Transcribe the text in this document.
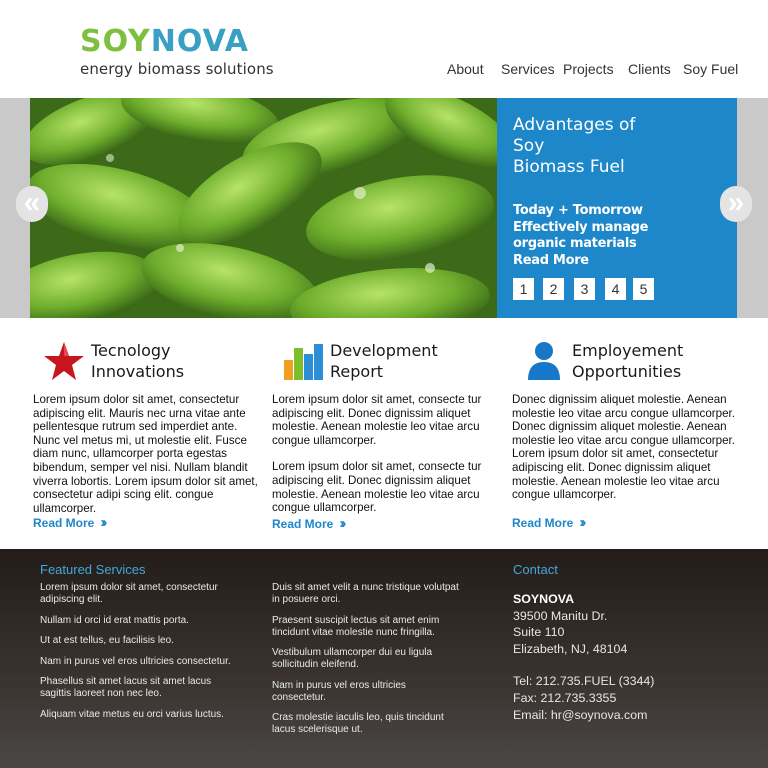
SOYNOVA
energy biomass solutions	About Services Projects Clients Soy Fuel
Advantages of
Soy
Biomass Fuel
Today + Tomorrow
Effectively manage
organic materials
Read More
1	2	3	4	5
«	»
Tecnology
Innovations

Lorem ipsum dolor sit amet, consectetur adipiscing elit. Mauris nec urna vitae ante pellentesque rutrum sed imperdiet ante. Nunc vel metus mi, ut molestie elit. Fusce diam nunc, ullamcorper porta egestas bibendum, semper vel nisi. Nullam blandit viverra lobortis. Lorem ipsum dolor sit amet, consectetur adipi scing elit. congue ullamcorper.

Read More ››
Development
Report

Lorem ipsum dolor sit amet, consecte tur adipiscing elit. Donec dignissim aliquet molestie. Aenean molestie leo vitae arcu congue ullamcorper.

Lorem ipsum dolor sit amet, consecte tur adipiscing elit. Donec dignissim aliquet molestie. Aenean molestie leo vitae arcu congue ullamcorper.

Read More ››
Employement
Opportunities

Donec dignissim aliquet molestie. Aenean molestie leo vitae arcu congue ullamcorper. Donec dignissim aliquet molestie. Aenean molestie leo vitae arcu congue ullamcorper. Lorem ipsum dolor sit amet, consectetur adipiscing elit. Donec dignissim aliquet molestie. Aenean molestie leo vitae arcu congue ullamcorper.

Read More ››
Featured Services

Lorem ipsum dolor sit amet, consectetur adipiscing elit.

Nullam id orci id erat mattis porta.

Ut at est tellus, eu facilisis leo.

Nam in purus vel eros ultricies consectetur.

Phasellus sit amet lacus sit amet lacus sagittis laoreet non nec leo.

Aliquam vitae metus eu orci varius luctus.

Duis sit amet velit a nunc tristique volutpat in posuere orci.

Praesent suscipit lectus sit amet enim tincidunt vitae molestie nunc fringilla.

Vestibulum ullamcorper dui eu ligula sollicitudin eleifend.

Nam in purus vel eros ultricies consectetur.

Cras molestie iaculis leo, quis tincidunt lacus scelerisque ut.

Contact
SOYNOVA
39500 Manitu Dr.
Suite 110
Elizabeth, NJ, 48104
Tel: 212.735.FUEL (3344)
Fax: 212.735.3355
Email: hr@soynova.com
